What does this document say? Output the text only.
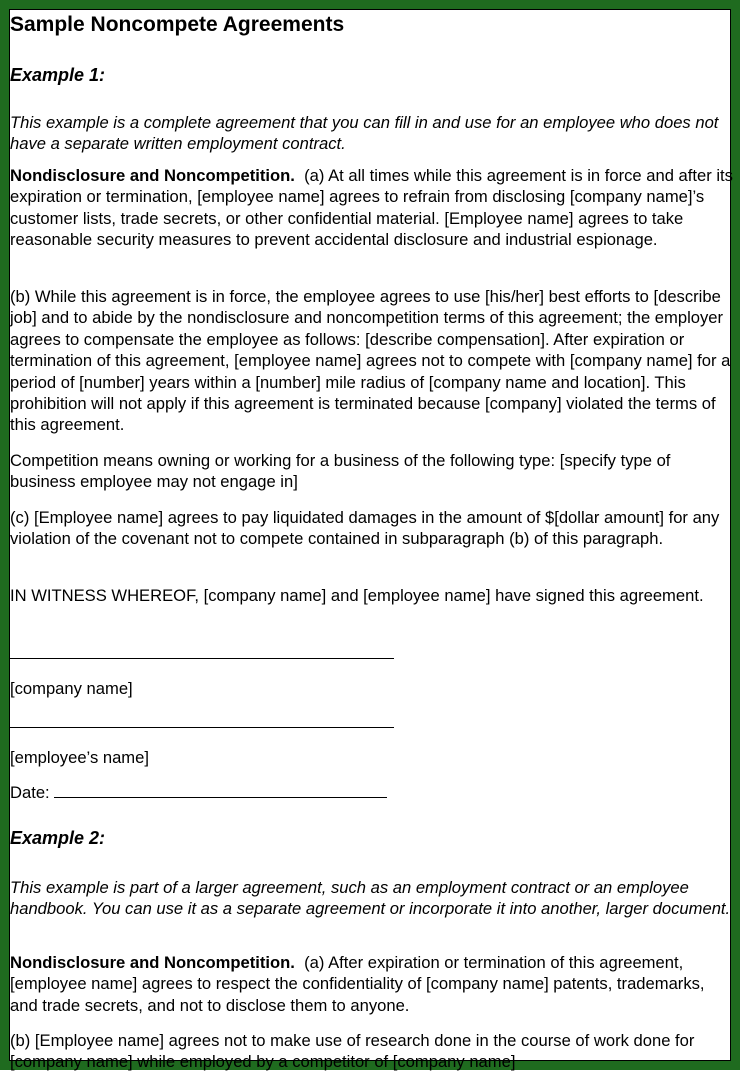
Sample Noncompete Agreements

Example 1:

This example is a complete agreement that you can fill in and use for an employee who does not have a separate written employment contract.

Nondisclosure and Noncompetition. (a) At all times while this agreement is in force and after its expiration or termination, [employee name] agrees to refrain from disclosing [company name]’s customer lists, trade secrets, or other confidential material. [Employee name] agrees to take reasonable security measures to prevent accidental disclosure and industrial espionage.

(b) While this agreement is in force, the employee agrees to use [his/her] best efforts to [describe job] and to abide by the nondisclosure and noncompetition terms of this agreement; the employer agrees to compensate the employee as follows: [describe compensation]. After expiration or termination of this agreement, [employee name] agrees not to compete with [company name] for a period of [number] years within a [number] mile radius of [company name and location]. This prohibition will not apply if this agreement is terminated because [company] violated the terms of this agreement.

Competition means owning or working for a business of the following type: [specify type of business employee may not engage in]

(c) [Employee name] agrees to pay liquidated damages in the amount of $[dollar amount] for any violation of the covenant not to compete contained in subparagraph (b) of this paragraph.

IN WITNESS WHEREOF, [company name] and [employee name] have signed this agreement.

[company name]

[employee’s name]

Date:

Example 2:

This example is part of a larger agreement, such as an employment contract or an employee handbook. You can use it as a separate agreement or incorporate it into another, larger document.

Nondisclosure and Noncompetition. (a) After expiration or termination of this agreement, [employee name] agrees to respect the confidentiality of [company name] patents, trademarks, and trade secrets, and not to disclose them to anyone.

(b) [Employee name] agrees not to make use of research done in the course of work done for [company name] while employed by a competitor of [company name]
